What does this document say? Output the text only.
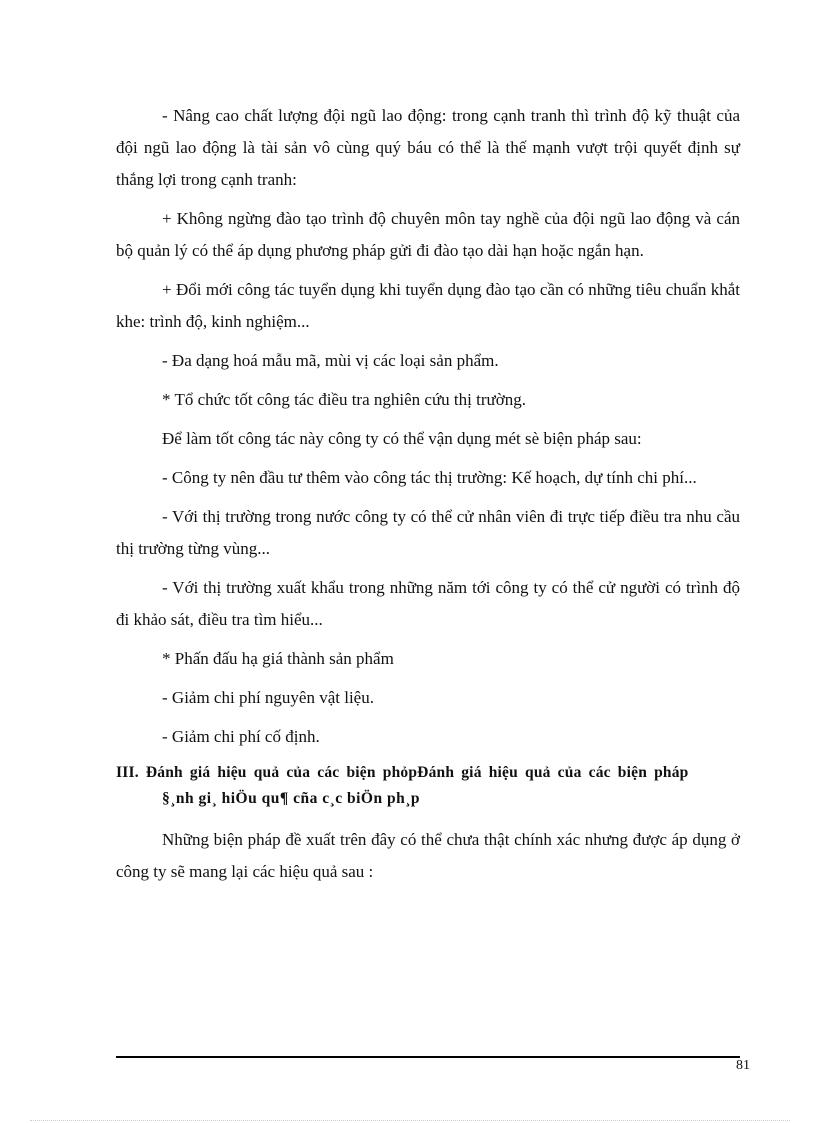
- Nâng cao chất lượng đội ngũ lao động: trong cạnh tranh thì trình độ kỹ thuật của đội ngũ lao động là tài sản vô cùng quý báu có thể là thế mạnh vượt trội quyết định sự thắng lợi trong cạnh tranh:

+ Không ngừng đào tạo trình độ chuyên môn tay nghề của đội ngũ lao động và cán bộ quản lý có thể áp dụng phương pháp gửi đi đào tạo dài hạn hoặc ngắn hạn.

+ Đổi mới công tác tuyển dụng khi tuyển dụng đào tạo cần có những tiêu chuẩn khắt khe: trình độ, kinh nghiệm...

- Đa dạng hoá mẫu mã, mùi vị các loại sản phẩm.

* Tổ chức tốt công tác điều tra nghiên cứu thị trường.

Để làm tốt công tác này công ty có thể vận dụng mét sè biện pháp sau:

- Công ty nên đầu tư thêm vào công tác thị trường: Kế hoạch, dự tính chi phí...

- Với thị trường trong nước công ty có thể cử nhân viên đi trực tiếp điều tra nhu cầu thị trường từng vùng...

- Với thị trường xuất khẩu trong những năm tới công ty có thể cử người có trình độ đi khảo sát, điều tra tìm hiểu...

* Phấn đấu hạ giá thành sản phẩm

- Giảm chi phí nguyên vật liệu.

- Giảm chi phí cố định.

III. Đánh giá hiệu quả của các biện phỏpĐánh giá hiệu quả của các biện pháp
§¸nh gi¸ hiÖu qu¶ cña c¸c biÖn ph¸p

Những biện pháp đề xuất trên đây có thể chưa thật chính xác nhưng được áp dụng ở công ty sẽ mang lại các hiệu quả sau :

81
